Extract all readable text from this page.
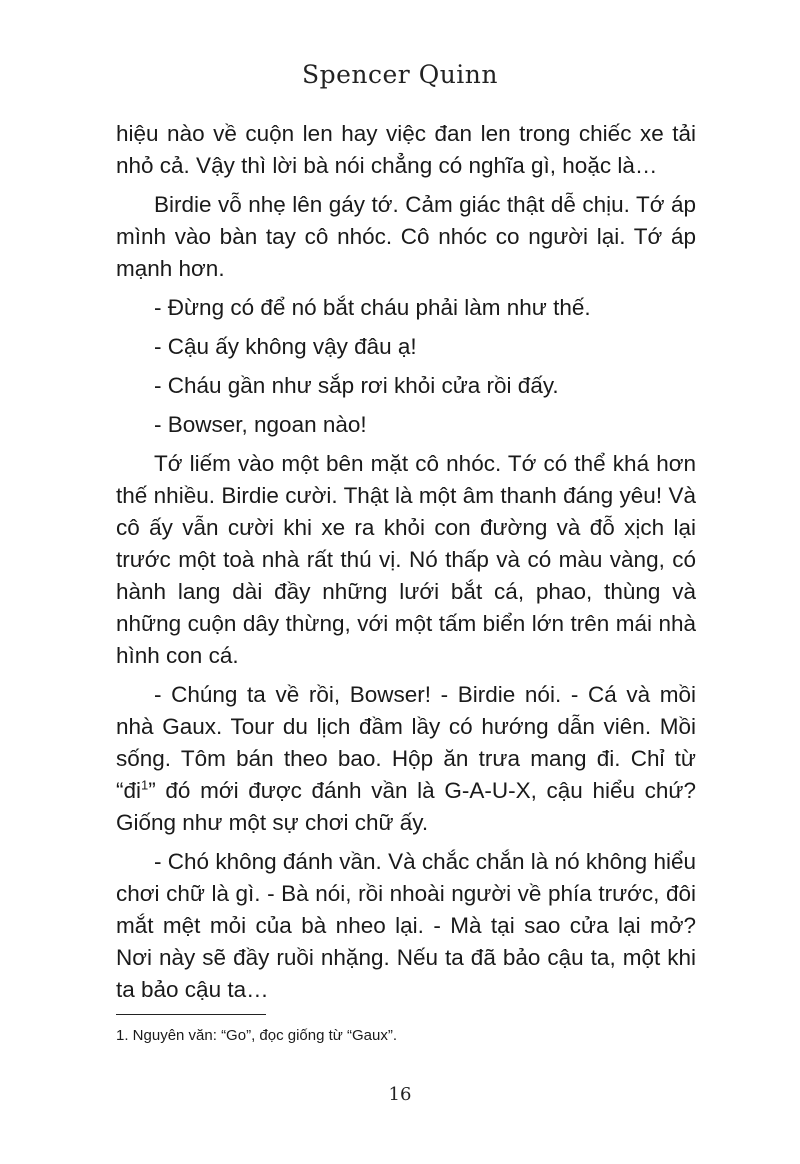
Spencer Quinn

hiệu nào về cuộn len hay việc đan len trong chiếc xe tải nhỏ cả. Vậy thì lời bà nói chẳng có nghĩa gì, hoặc là…

Birdie vỗ nhẹ lên gáy tớ. Cảm giác thật dễ chịu. Tớ áp mình vào bàn tay cô nhóc. Cô nhóc co người lại. Tớ áp mạnh hơn.

- Đừng có để nó bắt cháu phải làm như thế.

- Cậu ấy không vậy đâu ạ!

- Cháu gần như sắp rơi khỏi cửa rồi đấy.

- Bowser, ngoan nào!

Tớ liếm vào một bên mặt cô nhóc. Tớ có thể khá hơn thế nhiều. Birdie cười. Thật là một âm thanh đáng yêu! Và cô ấy vẫn cười khi xe ra khỏi con đường và đỗ xịch lại trước một toà nhà rất thú vị. Nó thấp và có màu vàng, có hành lang dài đầy những lưới bắt cá, phao, thùng và những cuộn dây thừng, với một tấm biển lớn trên mái nhà hình con cá.

- Chúng ta về rồi, Bowser! - Birdie nói. - Cá và mồi nhà Gaux. Tour du lịch đầm lầy có hướng dẫn viên. Mồi sống. Tôm bán theo bao. Hộp ăn trưa mang đi. Chỉ từ “đi$^1$” đó mới được đánh vần là G-A-U-X, cậu hiểu chứ? Giống như một sự chơi chữ ấy.

- Chó không đánh vần. Và chắc chắn là nó không hiểu chơi chữ là gì. - Bà nói, rồi nhoài người về phía trước, đôi mắt mệt mỏi của bà nheo lại. - Mà tại sao cửa lại mở? Nơi này sẽ đầy ruồi nhặng. Nếu ta đã bảo cậu ta, một khi ta bảo cậu ta…

1. Nguyên văn: “Go”, đọc giống từ “Gaux”.
16
